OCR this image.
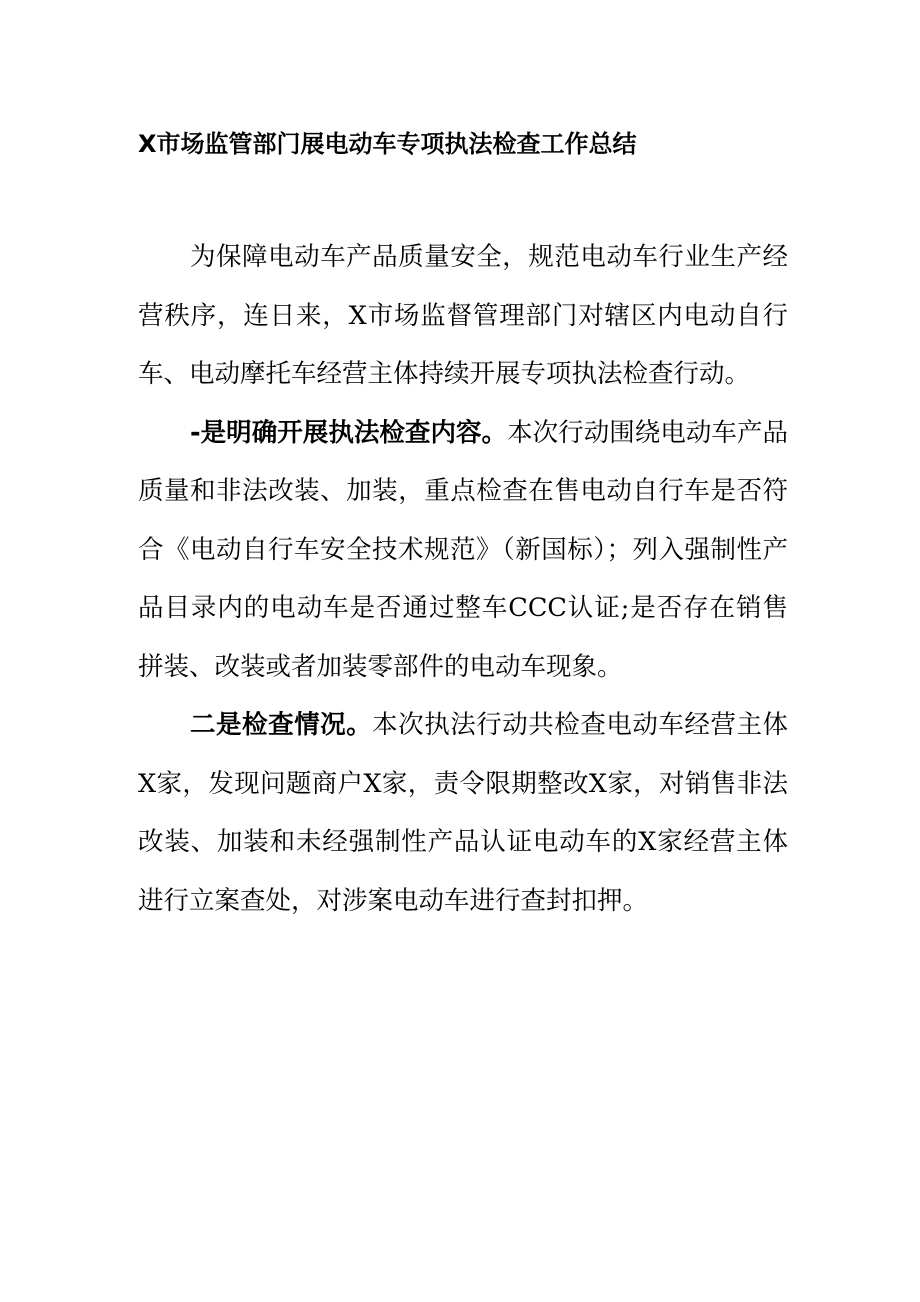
X市场监管部门展电动车专项执法检查工作总结

为保障电动车产品质量安全，规范电动车行业生产经营秩序，连日来，X市场监督管理部门对辖区内电动自行车、电动摩托车经营主体持续开展专项执法检查行动。

-是明确开展执法检查内容。本次行动围绕电动车产品质量和非法改装、加装，重点检查在售电动自行车是否符合《电动自行车安全技术规范》（新国标）；列入强制性产品目录内的电动车是否通过整车CCC认证;是否存在销售拼装、改装或者加装零部件的电动车现象。

二是检查情况。本次执法行动共检查电动车经营主体X家，发现问题商户X家，责令限期整改X家，对销售非法改装、加装和未经强制性产品认证电动车的X家经营主体进行立案查处，对涉案电动车进行查封扣押。
